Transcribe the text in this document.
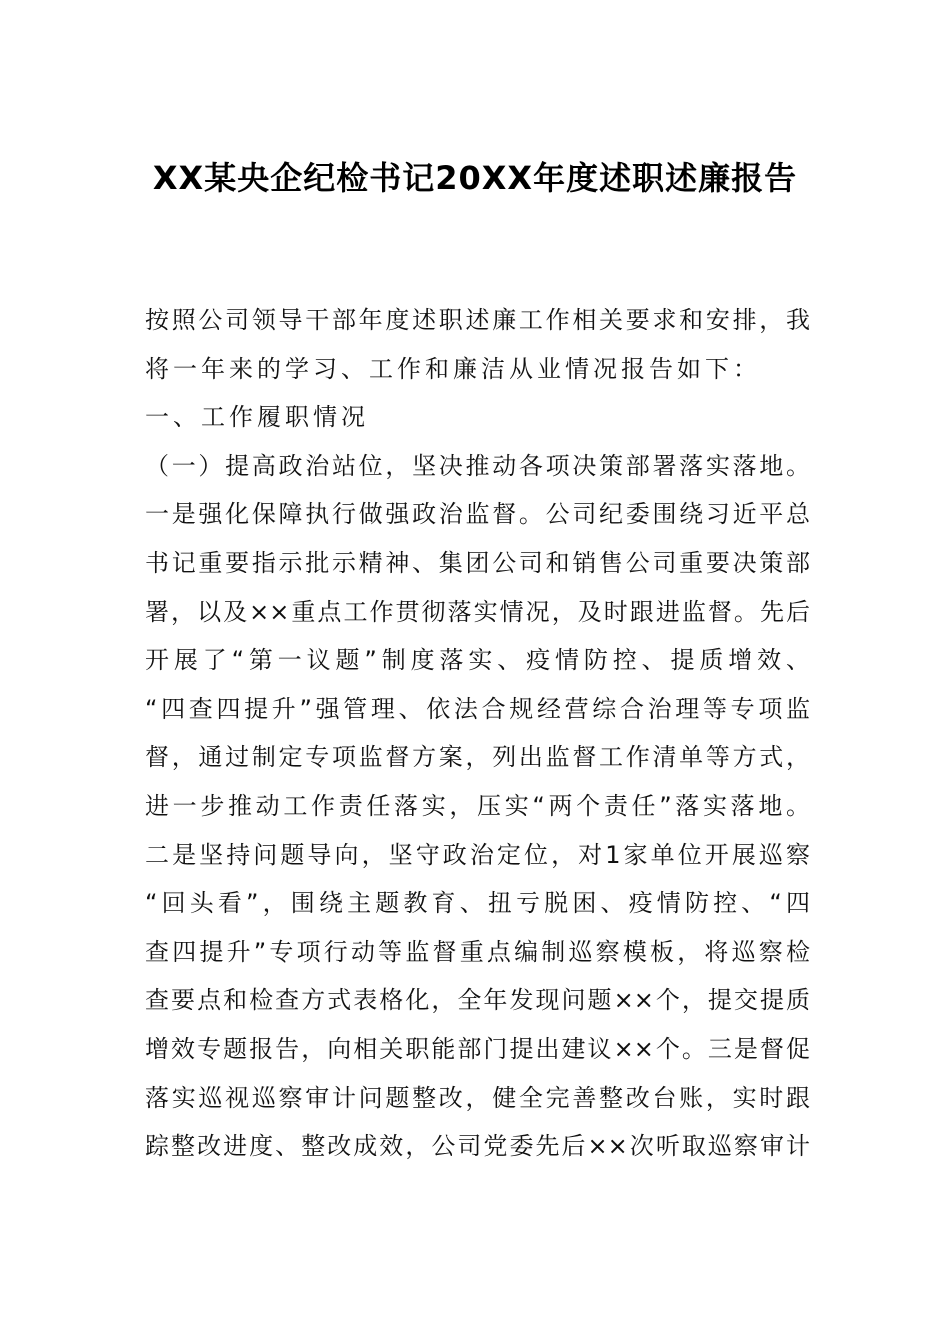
XX某央企纪检书记20XX年度述职述廉报告
按照公司领导干部年度述职述廉工作相关要求和安排，我
将一年来的学习、工作和廉洁从业情况报告如下：
一、工作履职情况
（一）提高政治站位，坚决推动各项决策部署落实落地。
一是强化保障执行做强政治监督。公司纪委围绕习近平总
书记重要指示批示精神、集团公司和销售公司重要决策部
署，以及××重点工作贯彻落实情况，及时跟进监督。先后
开展了“第一议题”制度落实、疫情防控、提质增效、
“四查四提升”强管理、依法合规经营综合治理等专项监
督，通过制定专项监督方案，列出监督工作清单等方式，
进一步推动工作责任落实，压实“两个责任”落实落地。
二是坚持问题导向，坚守政治定位，对1家单位开展巡察
“回头看”，围绕主题教育、扭亏脱困、疫情防控、“四
查四提升”专项行动等监督重点编制巡察模板，将巡察检
查要点和检查方式表格化，全年发现问题××个，提交提质
增效专题报告，向相关职能部门提出建议××个。三是督促
落实巡视巡察审计问题整改，健全完善整改台账，实时跟
踪整改进度、整改成效，公司党委先后××次听取巡察审计
